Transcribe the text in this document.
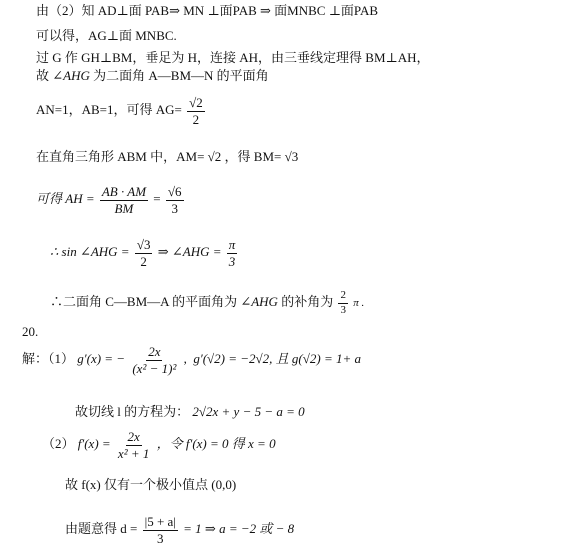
由（2）知 AD⊥面 PAB⇒ MN ⊥面PAB ⇒ 面MNBC ⊥面PAB
可以得，AG⊥面 MNBC.
过 G 作 GH⊥BM，垂足为 H，连接 AH，由三垂线定理得 BM⊥AH，
故 ∠AHG 为二面角 A—BM—N 的平面角
AN=1，AB=1，可得 $AG= \frac{√2}{2}$
在直角三角形 ABM 中，AM= √2 ，得 BM= √3
可得 AH = $\frac{AB \cdot AM}{BM} = \frac{√6}{3}$
∴ sin ∠AHG = $\frac{√3}{2}$ ⇒ ∠AHG = $\frac{\pi}{3}$
∴二面角 C—BM—A 的平面角为 ∠AHG 的补角为 $\frac{2}{3}$ π .
20.
解：（1） g′(x) = − $\frac{2x}{\text{(x² − 1)²}}$ ,  g′(√2) = −2√2, 且 g(√2) = 1+ a
故切线 l 的方程为： 2√2x + y − 5 − a = 0
（2） $f'(x) = \frac{2x}{\text{x² + 1}}$ ，令 f′(x) = 0 得 x = 0
故 f(x) 仅有一个极小值点 (0,0)
由题意得 $d = \frac{|5 + a|}{3} = 1$ ⇒ a = −2 或 − 8
